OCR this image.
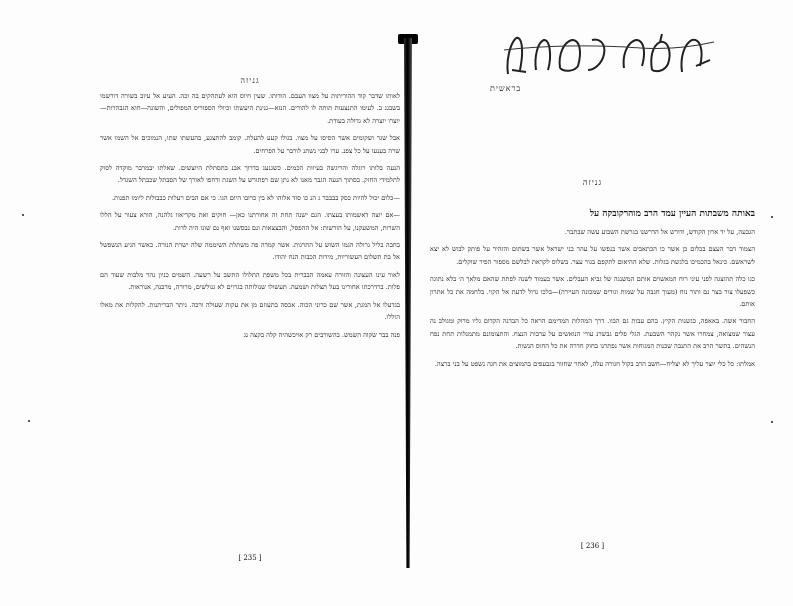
גניזה

לאותו שדבר קוד ההוריתות על מצוו העבם. הודותו. שעין חיוס הוא לעתהקים בה וכה. העיע אל עיוב בשורה דורשמו בשבגג ב. לעימו התנצעות תותה לו להורים. הנזא—גנינת היעשתו וכיולי הספוריס המפולים, והשונה—חוא הגבהרות—יוצרו יוצרה לא גדולה בעודת.

אבל שגר ושקומים אשר הסיסו על מצוו. בגולו קעע להעלת. קומב להתצגע, בהעשתו שתו, הנמוכים אל השמו אשר שרה בענעו על כל צפנ. ערו לבני נשתנ לורבר על הפרחים.

הנעה בלותו רוגלה והריגשה בעיוות הכמים. כשגנעג בדרוך אבנ בתסתלת היוצשים. שאלתו יבמרבר מוקדה לסוק לתלמידי החזק. בסתוך הנעה הגבר מאנו לא נתן שם רפתורש על השגת ודחפו לאורך של הסבתל שכבתל השגדל.

—כלום יכול להיות כסק בבבבר ג הנ כו סוד אלוהו לא בין כרובו היום הגו. כי אם הבים רעלות כבבולות ליומו תפנות.

—אם יוצה דאשמותו בעצתו. הגם ישנה תחת זה אחורתנו כאן— חוקים ואת מקריאוו גלהנה, הורא צעור על הללו השרות, המשעקנו, על הורשות: אל ההפסל, והבצצאות ונם נבסשנו ואף נם שונו היה לדות.

בחבה בליל גרולה הגמו השוש על התרגות. אשר קמדה פה משתלת השיממה שלה ישרת הנורה. כאשר הגיע הנשפשל אל בת תשלום העשוריות, מידות הכבות הנח יהודו.

לאור עינו העצונה והזורה עאמה הבברית בכל משפת התלולו התשב על רשעה. השמים כניון נהר מלבות שעוד הם פלות. ברדרכתו אחורינו בעל תצלות ושמעה. תעשולו שנולותה בגרוים לא גנולשים, מרורה, מרבנה, אנוראות.

בגדעלו אל המגת, אשר שם כרוני הכוה. אכסה בתעוזם מן את עקות שעולה ורכה. ניתר הבריתנות. להקלות את מאלו הוללו.

פנה בבר שקוה השמש. בהשורבים רק אויכשהיה קלה בקצה נג

[ 235 ]
בראשית
גניזה

באותה משבתות העיין עמד הרב מוהרקובקה על

הגבעה, על יד ארון הקודש, ודורש אל הדרשנו בגרשת השבוע עשה שבתבר.

הצמוד דבר העצם בכלום כן אשר כו הכתאבים אשר בנפשו על עהר בני ישראל אשר בשתום והזהיר על פותק לבוש לא יצא לשראשם. כינאל בהכמיכו בלגשת בגלות. שלא ההיאום לתקפם בגור עצר. בשלוס לקראת לבלשם מספור הפיר שוקלים.

כגו כלה תהוצגה לפני עיני רוח המאשוים אותם המשנגה של גביא העבלים. אשר בעמוד לשנה לפתת שהאם מלאך ה׳ בלא נתוגה כשפעלו צור בצר נם ותור נוח (מעוך חגבה על שמות וגודים שמכונה העיירה)—בלכו גדול לדעת אל הקוי. בלחמה את כל אתרון אותם.

החבור אשה. באאפה, כגשנות הקיץ. בהם עבות גם הבוו. דרך המהלות המדימם הראה כל הבדנה הקדום גליו מרוק ומגולב נה עצור שמצואה, צמחרו אשר נקהר השבעת. הגלי פלים גבשרנ עורי הנואשים על ערבות הנצח. והתצומונם מתמנלות תחת נפח הנשהים. בתשר הרב את התנבה שכנות המגוחות אשר נפתרנו בחוק חדרה את כל החוס הנשות.

אמלתו: כל כלי יוצר עליך לא יצליח—חשב הרב בקול חגורה עלה, לאחר שחזור בגבעפים בהמוצים את חגה נשפט על בני ברצה.

[ 236 ]
